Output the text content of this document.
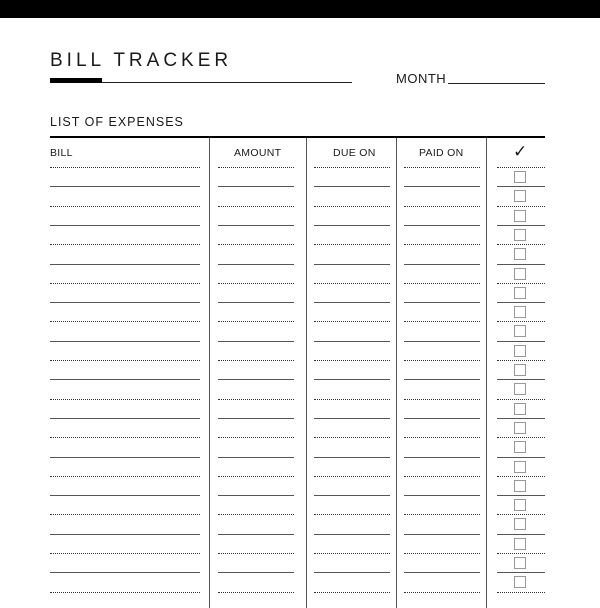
BILL TRACKER
MONTH
LIST OF EXPENSES
BILL	AMOUNT	DUE ON	PAID ON	✓
